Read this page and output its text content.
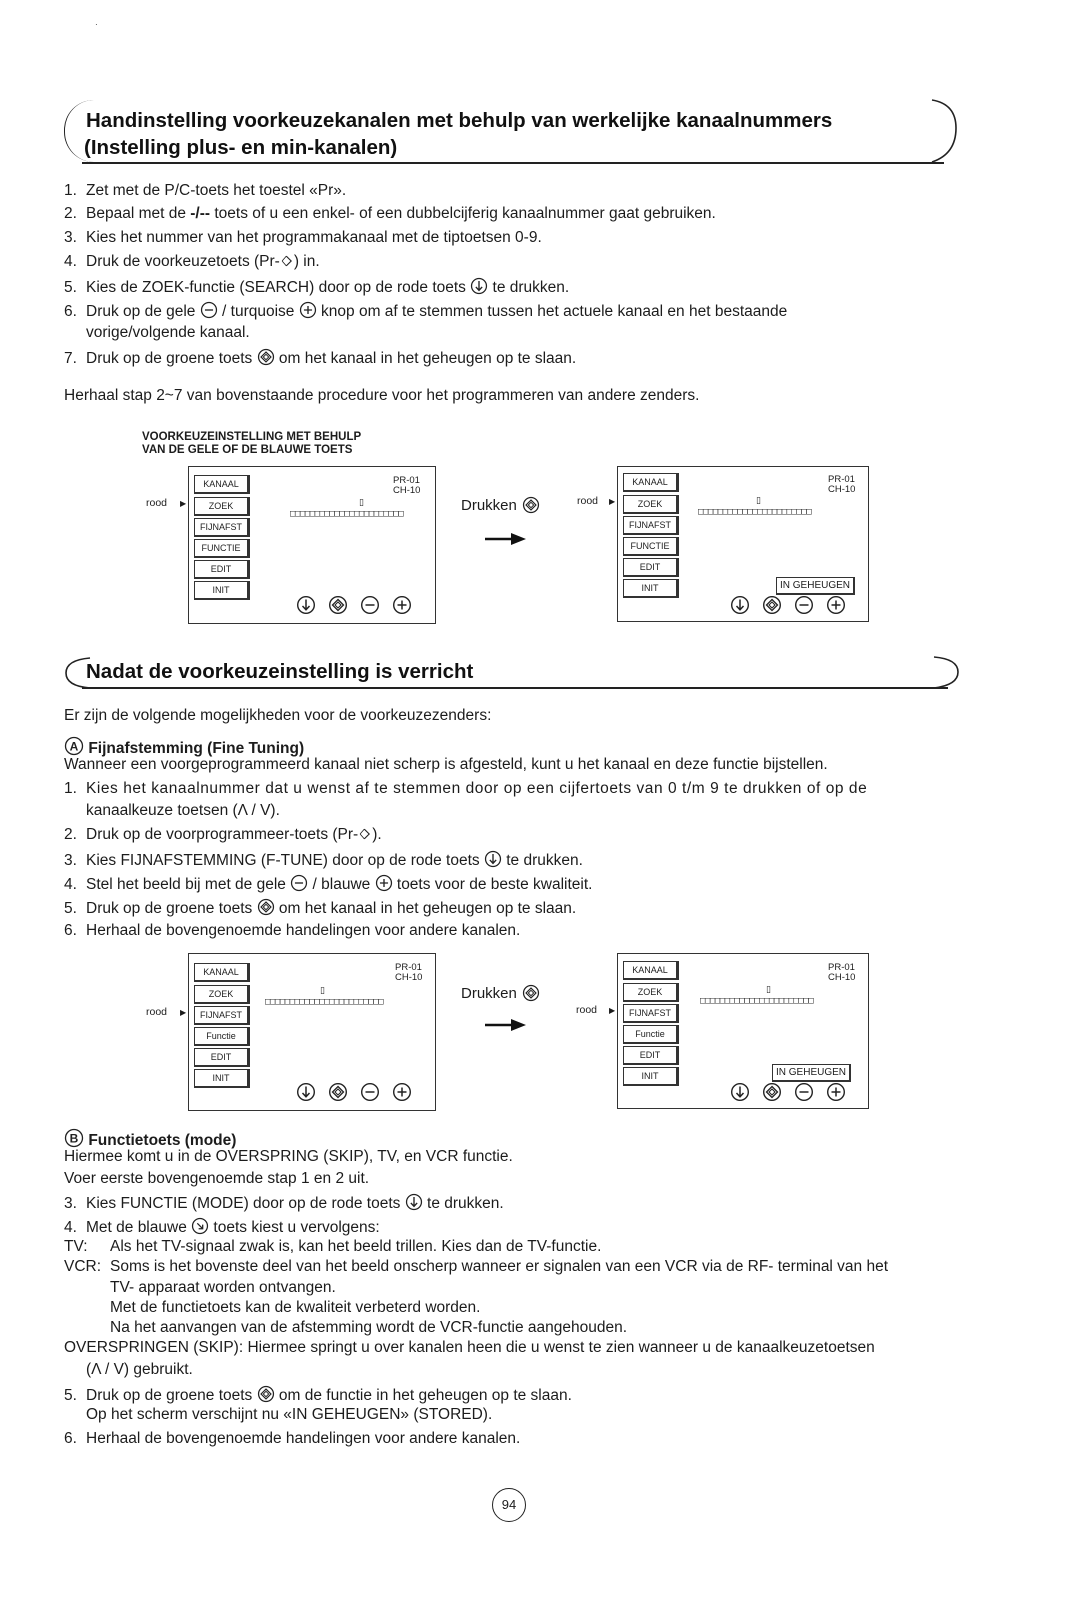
·
Handinstelling voorkeuzekanalen met behulp van werkelijke kanaalnummers
(Instelling plus- en min-kanalen)
1. Zet met de P/C-toets het toestel «Pr».
2. Bepaal met de -/-- toets of u een enkel- of een dubbelcijferig kanaalnummer gaat gebruiken.
3. Kies het nummer van het programmakanaal met de tiptoetsen 0-9.
4. Druk de voorkeuzetoets (Pr- ) in.
5. Kies de ZOEK-functie (SEARCH) door op de rode toets  te drukken.
6. Druk op de gele  / turquoise  knop om af te stemmen tussen het actuele kanaal en het bestaande
vorige/volgende kanaal.
7. Druk op de groene toets  om het kanaal in het geheugen op te slaan.
Herhaal stap 2~7 van bovenstaande procedure voor het programmeren van andere zenders.
VOORKEUZEINSTELLING MET BEHULP
VAN DE GELE OF DE BLAUWE TOETS
rood ▶
KANAAL
ZOEK
FIJNAFST
FUNCTIE
EDIT
INIT
PR-01
CH-10
▯
□□□□□□□□□□□□□□□□□□□□□□□
Drukken	rood ▶
KANAAL
ZOEK
FIJNAFST
FUNCTIE
EDIT
INIT
PR-01
CH-10
▯
□□□□□□□□□□□□□□□□□□□□□□□
IN GEHEUGEN
Nadat de voorkeuzeinstelling is verricht
Er zijn de volgende mogelijkheden voor de voorkeuzezenders:
A Fijnafstemming (Fine Tuning)
Wanneer een voorgeprogrammeerd kanaal niet scherp is afgesteld, kunt u het kanaal en deze functie bijstellen.
1. Kies het kanaalnummer dat u wenst af te stemmen door op een cijfertoets van 0 t/m 9 te drukken of op de
kanaalkeuze toetsen (Λ / V).
2. Druk op de voorprogrammeer-toets (Pr- ).
3. Kies FIJNAFSTEMMING (F-TUNE) door op de rode toets  te drukken.
4. Stel het beeld bij met de gele  / blauwe  toets voor de beste kwaliteit.
5. Druk op de groene toets  om het kanaal in het geheugen op te slaan.
6. Herhaal de bovengenoemde handelingen voor andere kanalen.
rood ▶
KANAAL
ZOEK
FIJNAFST
Functie
EDIT
INIT
PR-01
CH-10
▯
□□□□□□□□□□□□□□□□□□□□□□□□
Drukken
rood ▶
KANAAL
ZOEK
FIJNAFST
Functie
EDIT
INIT
PR-01
CH-10
▯
□□□□□□□□□□□□□□□□□□□□□□□
IN GEHEUGEN
B Functietoets (mode)
Hiermee komt u in de OVERSPRING (SKIP), TV, en VCR functie.
Voer eerste bovengenoemde stap 1 en 2 uit.
3. Kies FUNCTIE (MODE) door op de rode toets  te drukken.
4. Met de blauwe  toets kiest u vervolgens:
TV: Als het TV-signaal zwak is, kan het beeld trillen. Kies dan de TV-functie.
VCR: Soms is het bovenste deel van het beeld onscherp wanneer er signalen van een VCR via de RF- terminal van het
TV- apparaat worden ontvangen.
Met de functietoets kan de kwaliteit verbeterd worden.
Na het aanvangen van de afstemming wordt de VCR-functie aangehouden.
OVERSPRINGEN (SKIP): Hiermee springt u over kanalen heen die u wenst te zien wanneer u de kanaalkeuzetoetsen
(Λ / V) gebruikt.
5. Druk op de groene toets  om de functie in het geheugen op te slaan.
Op het scherm verschijnt nu «IN GEHEUGEN» (STORED).
6. Herhaal de bovengenoemde handelingen voor andere kanalen.
94
